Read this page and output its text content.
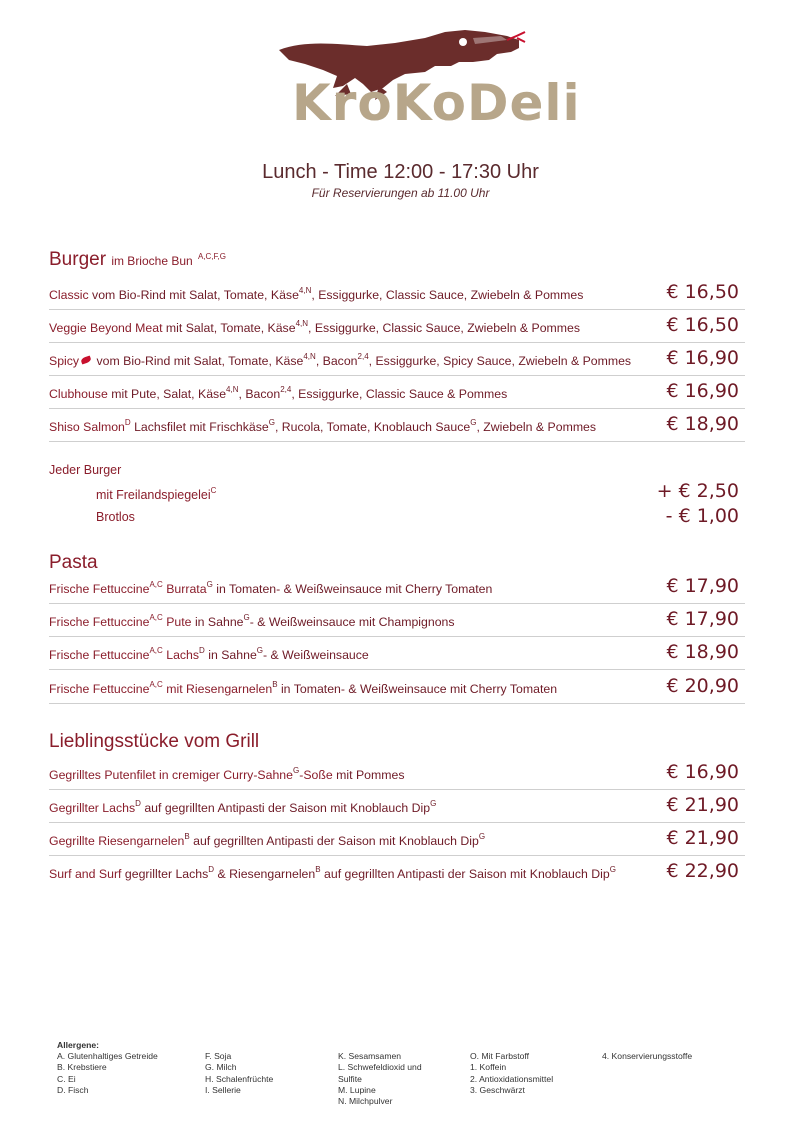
KroKoDeli
Lunch - Time 12:00 - 17:30 Uhr
Für Reservierungen ab 11.00 Uhr
Burger im Brioche Bun $^{A,C,F,G}$
Classic vom Bio-Rind mit Salat, Tomate, Käse$^{4,N}$, Essiggurke, Classic Sauce, Zwiebeln & Pommes	€ 16,50
Veggie Beyond Meat mit Salat, Tomate, Käse$^{4,N}$, Essiggurke, Classic Sauce, Zwiebeln & Pommes	€ 16,50
Spicy vom Bio-Rind mit Salat, Tomate, Käse$^{4,N}$, Bacon$^{2,4}$, Essiggurke, Spicy Sauce, Zwiebeln & Pommes € 16,90
Clubhouse mit Pute, Salat, Käse$^{4,N}$, Bacon$^{2,4}$, Essiggurke, Classic Sauce & Pommes	€ 16,90
Shiso Salmon$^D$ Lachsfilet mit Frischkäse$^G$, Rucola, Tomate, Knoblauch Sauce$^G$, Zwiebeln & Pommes	€ 18,90
Jeder Burger
mit Freilandspiegelei$^C$	+ € 2,50
Brotlos	- € 1,00
Pasta
Frische Fettuccine$^{A,C}$ Burrata$^G$ in Tomaten- & Weißweinsauce mit Cherry Tomaten	€ 17,90
Frische Fettuccine$^{A,C}$ Pute in Sahne$^G$- & Weißweinsauce mit Champignons	€ 17,90
Frische Fettuccine$^{A,C}$ Lachs$^D$ in Sahne$^G$- & Weißweinsauce	€ 18,90
Frische Fettuccine$^{A,C}$ mit Riesengarnelen$^B$ in Tomaten- & Weißweinsauce mit Cherry Tomaten	€ 20,90
Lieblingsstücke vom Grill
Gegrilltes Putenfilet in cremiger Curry-Sahne$^G$-Soße mit Pommes	€ 16,90
Gegrillter Lachs$^D$ auf gegrillten Antipasti der Saison mit Knoblauch Dip$^G$	€ 21,90
Gegrillte Riesengarnelen$^B$ auf gegrillten Antipasti der Saison mit Knoblauch Dip$^G$	€ 21,90
Surf and Surf gegrillter Lachs$^D$ & Riesengarnelen$^B$ auf gegrillten Antipasti der Saison mit Knoblauch Dip$^G$	€ 22,90
Allergene:
A. Glutenhaltiges Getreide
B. Krebstiere
C. Ei
D. Fisch
F. Soja
G. Milch
H. Schalenfrüchte
I. Sellerie
K. Sesamsamen
L. Schwefeldioxid und
Sulfite
M. Lupine
N. Milchpulver
O. Mit Farbstoff
1. Koffein
2. Antioxidationsmittel
3. Geschwärzt
4. Konservierungsstoffe
